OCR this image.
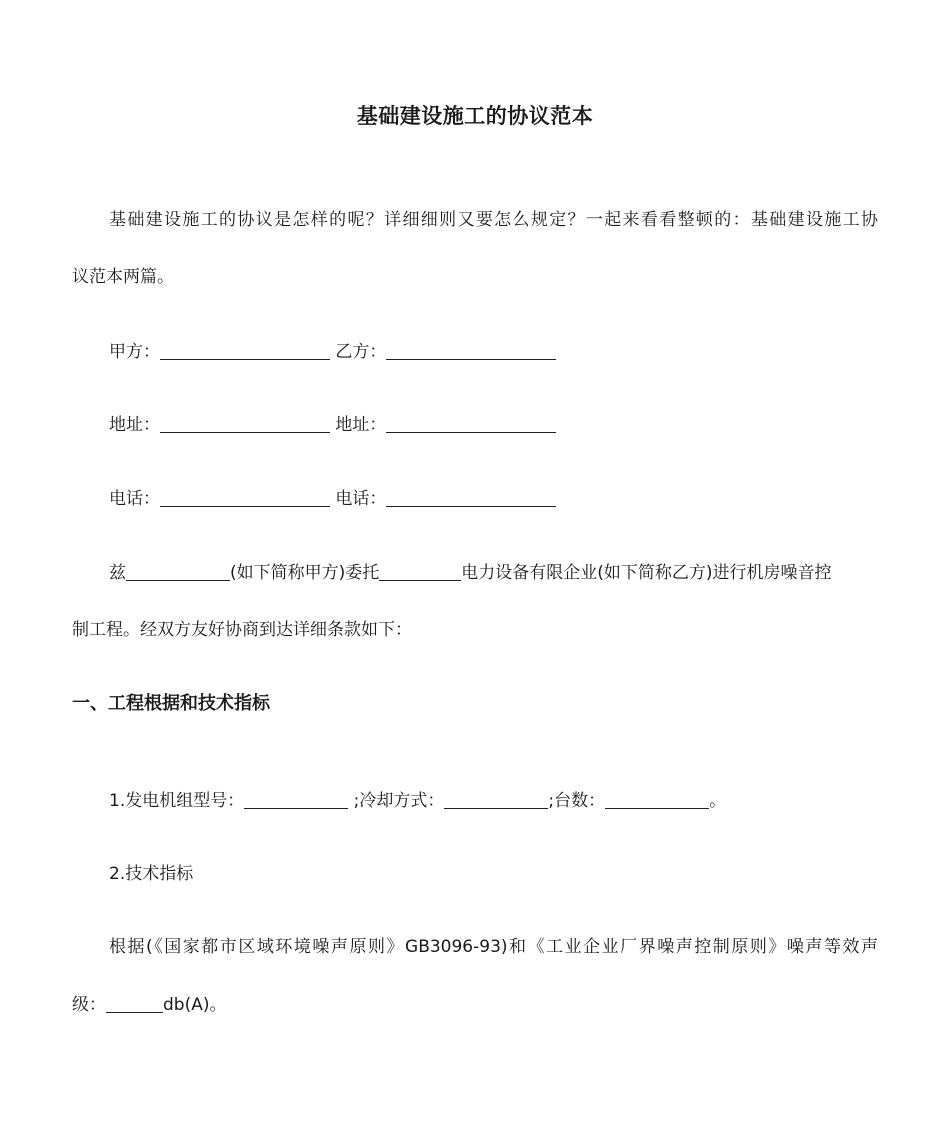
基础建设施工的协议范本
基础建设施工的协议是怎样的呢？详细细则又要怎么规定？一起来看看整顿的：基础建设施工协
议范本两篇。
甲方：	乙方：
地址：	地址：
电话：	电话：
兹	(如下简称甲方)委托	电力设备有限企业(如下简称乙方)进行机房噪音控
制工程。经双方友好协商到达详细条款如下：
一、工程根据和技术指标
1.发电机组型号：	;冷却方式：	;台数：	。
2.技术指标
根据(《国家都市区域环境噪声原则》GB3096-93)和《工业企业厂界噪声控制原则》噪声等效声
级：	db(A)。
